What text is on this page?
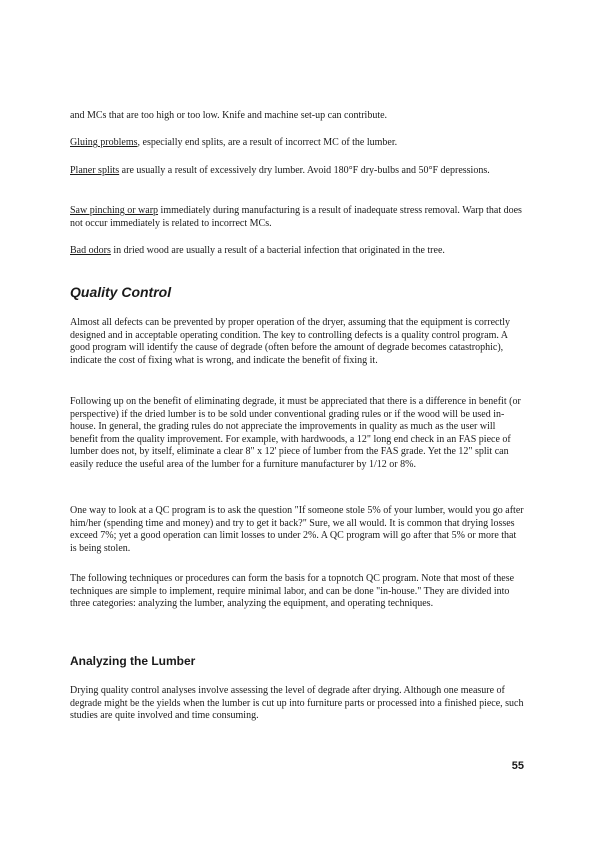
and MCs that are too high or too low. Knife and machine set-up can contribute.

Gluing problems, especially end splits, are a result of incorrect MC of the lumber.

Planer splits are usually a result of excessively dry lumber. Avoid 180°F dry-bulbs and 50°F depressions.

Saw pinching or warp immediately during manufacturing is a result of inadequate stress removal. Warp that does not occur immediately is related to incorrect MCs.

Bad odors in dried wood are usually a result of a bacterial infection that originated in the tree.

Quality Control

Almost all defects can be prevented by proper operation of the dryer, assuming that the equipment is correctly designed and in acceptable operating condition. The key to controlling defects is a quality control program. A good program will identify the cause of degrade (often before the amount of degrade becomes catastrophic), indicate the cost of fixing what is wrong, and indicate the benefit of fixing it.

Following up on the benefit of eliminating degrade, it must be appreciated that there is a difference in benefit (or perspective) if the dried lumber is to be sold under conventional grading rules or if the wood will be used in-house. In general, the grading rules do not appreciate the improvements in quality as much as the user will benefit from the quality improvement. For example, with hardwoods, a 12" long end check in an FAS piece of lumber does not, by itself, eliminate a clear 8" x 12' piece of lumber from the FAS grade. Yet the 12" split can easily reduce the useful area of the lumber for a furniture manufacturer by 1/12 or 8%.

One way to look at a QC program is to ask the question "If someone stole 5% of your lumber, would you go after him/her (spending time and money) and try to get it back?" Sure, we all would. It is common that drying losses exceed 7%; yet a good operation can limit losses to under 2%. A QC program will go after that 5% or more that is being stolen.

The following techniques or procedures can form the basis for a topnotch QC program. Note that most of these techniques are simple to implement, require minimal labor, and can be done "in-house." They are divided into three categories: analyzing the lumber, analyzing the equipment, and operating techniques.

Analyzing the Lumber

Drying quality control analyses involve assessing the level of degrade after drying. Although one measure of degrade might be the yields when the lumber is cut up into furniture parts or processed into a finished piece, such studies are quite involved and time consuming.

55
